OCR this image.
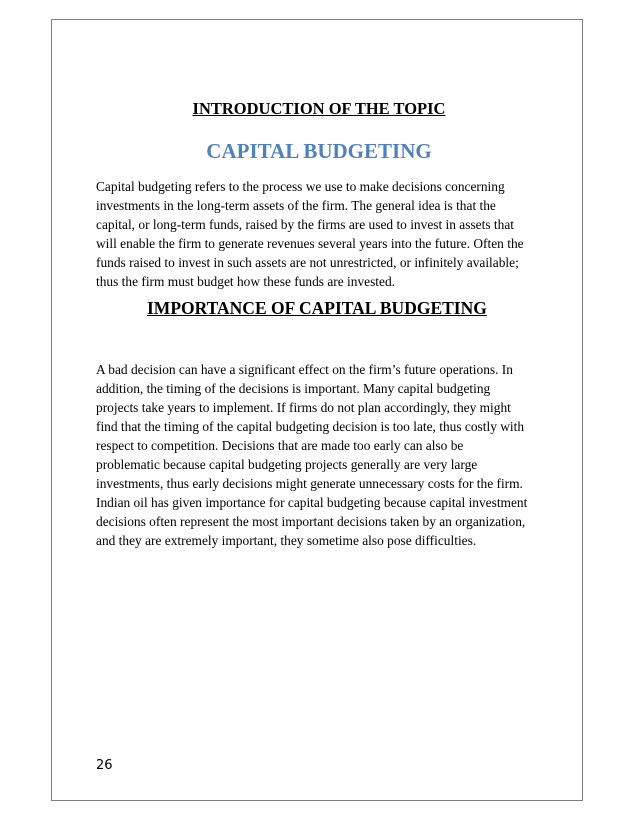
INTRODUCTION OF THE TOPIC
CAPITAL BUDGETING

Capital budgeting refers to the process we use to make decisions concerning
investments in the long-term assets of the firm. The general idea is that the
capital, or long-term funds, raised by the firms are used to invest in assets that
will enable the firm to generate revenues several years into the future. Often the
funds raised to invest in such assets are not unrestricted, or infinitely available;
thus the firm must budget how these funds are invested.

IMPORTANCE OF CAPITAL BUDGETING

A bad decision can have a significant effect on the firm’s future operations. In
addition, the timing of the decisions is important. Many capital budgeting
projects take years to implement. If firms do not plan accordingly, they might
find that the timing of the capital budgeting decision is too late, thus costly with
respect to competition. Decisions that are made too early can also be
problematic because capital budgeting projects generally are very large
investments, thus early decisions might generate unnecessary costs for the firm.
Indian oil has given importance for capital budgeting because capital investment
decisions often represent the most important decisions taken by an organization,
and they are extremely important, they sometime also pose difficulties.

26
